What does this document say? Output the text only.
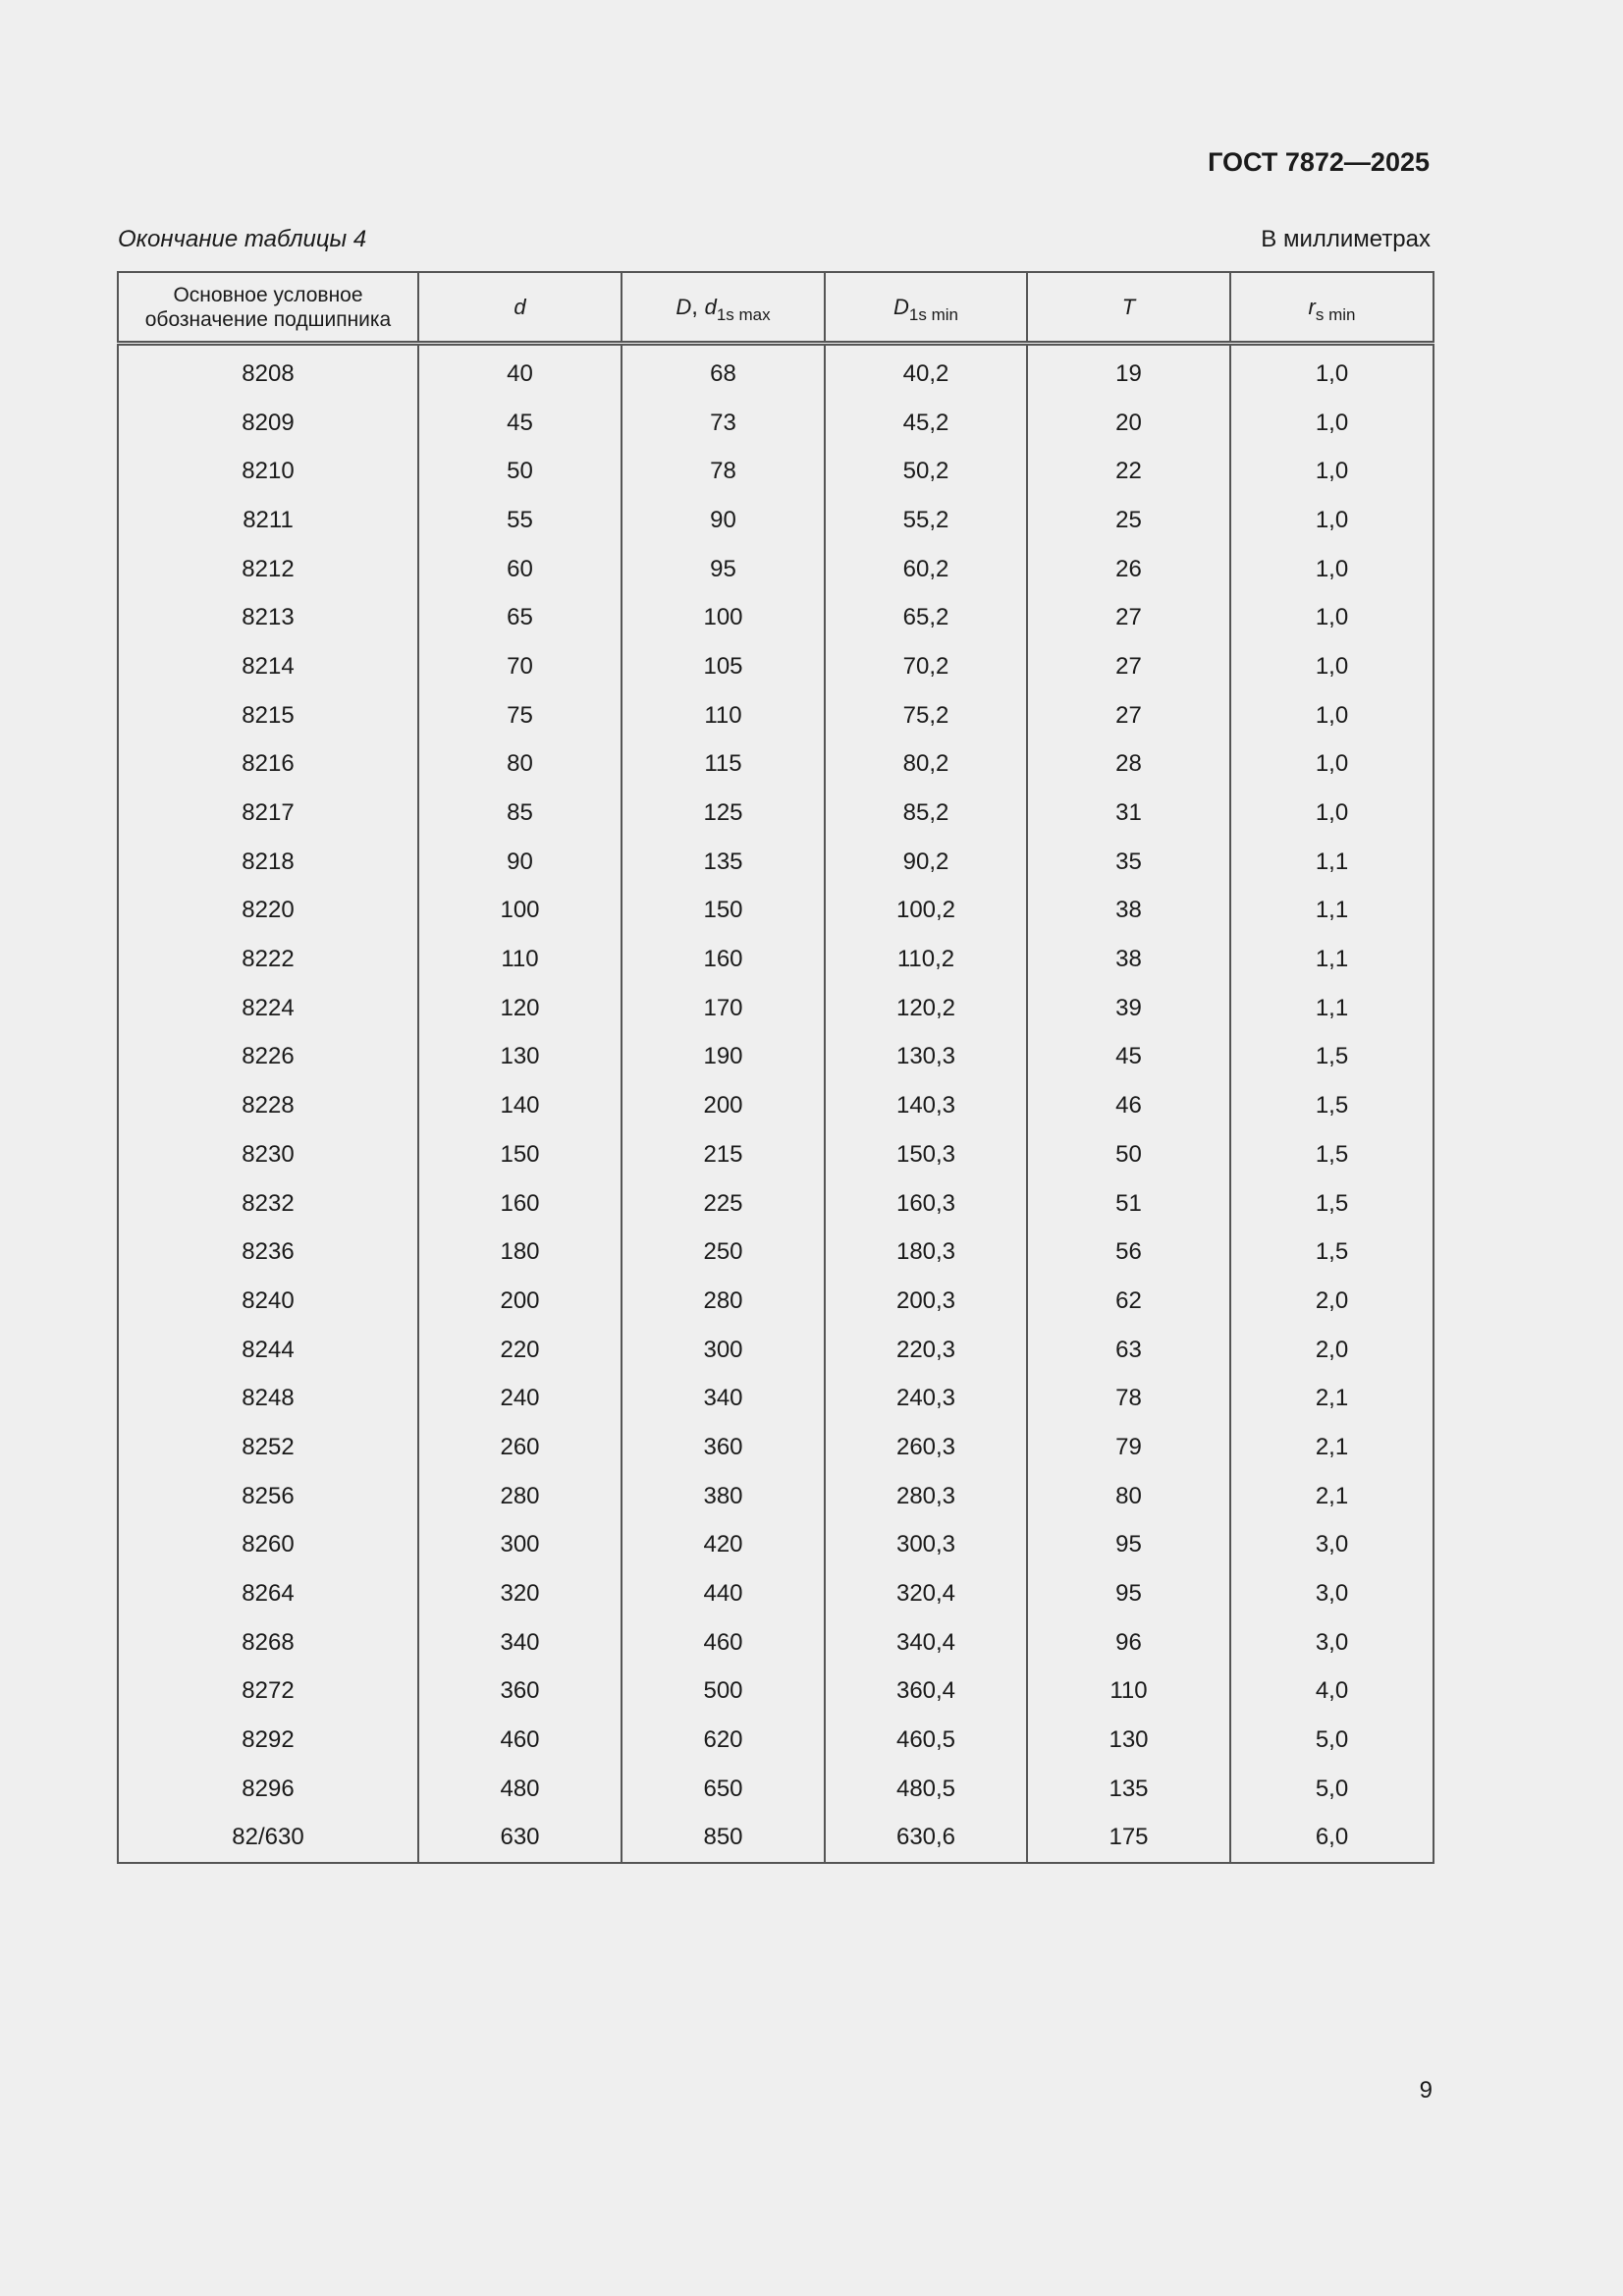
ГОСТ 7872—2025
Окончание таблицы 4	В миллиметрах
Основное условное обозначение подшипника	d	D, $d_{1s max}$	$D_{1s min}$	T	$r_{s min}$
8208	40	68	40,2	19	1,0
8209	45	73	45,2	20	1,0
8210	50	78	50,2	22	1,0
8211	55	90	55,2	25	1,0
8212	60	95	60,2	26	1,0
8213	65	100	65,2	27	1,0
8214	70	105	70,2	27	1,0
8215	75	110	75,2	27	1,0
8216	80	115	80,2	28	1,0
8217	85	125	85,2	31	1,0
8218	90	135	90,2	35	1,1
8220	100	150	100,2	38	1,1
8222	110	160	110,2	38	1,1
8224	120	170	120,2	39	1,1
8226	130	190	130,3	45	1,5
8228	140	200	140,3	46	1,5
8230	150	215	150,3	50	1,5
8232	160	225	160,3	51	1,5
8236	180	250	180,3	56	1,5
8240	200	280	200,3	62	2,0
8244	220	300	220,3	63	2,0
8248	240	340	240,3	78	2,1
8252	260	360	260,3	79	2,1
8256	280	380	280,3	80	2,1
8260	300	420	300,3	95	3,0
8264	320	440	320,4	95	3,0
8268	340	460	340,4	96	3,0
8272	360	500	360,4	110	4,0
8292	460	620	460,5	130	5,0
8296	480	650	480,5	135	5,0
82/630	630	850	630,6	175	6,0
9
